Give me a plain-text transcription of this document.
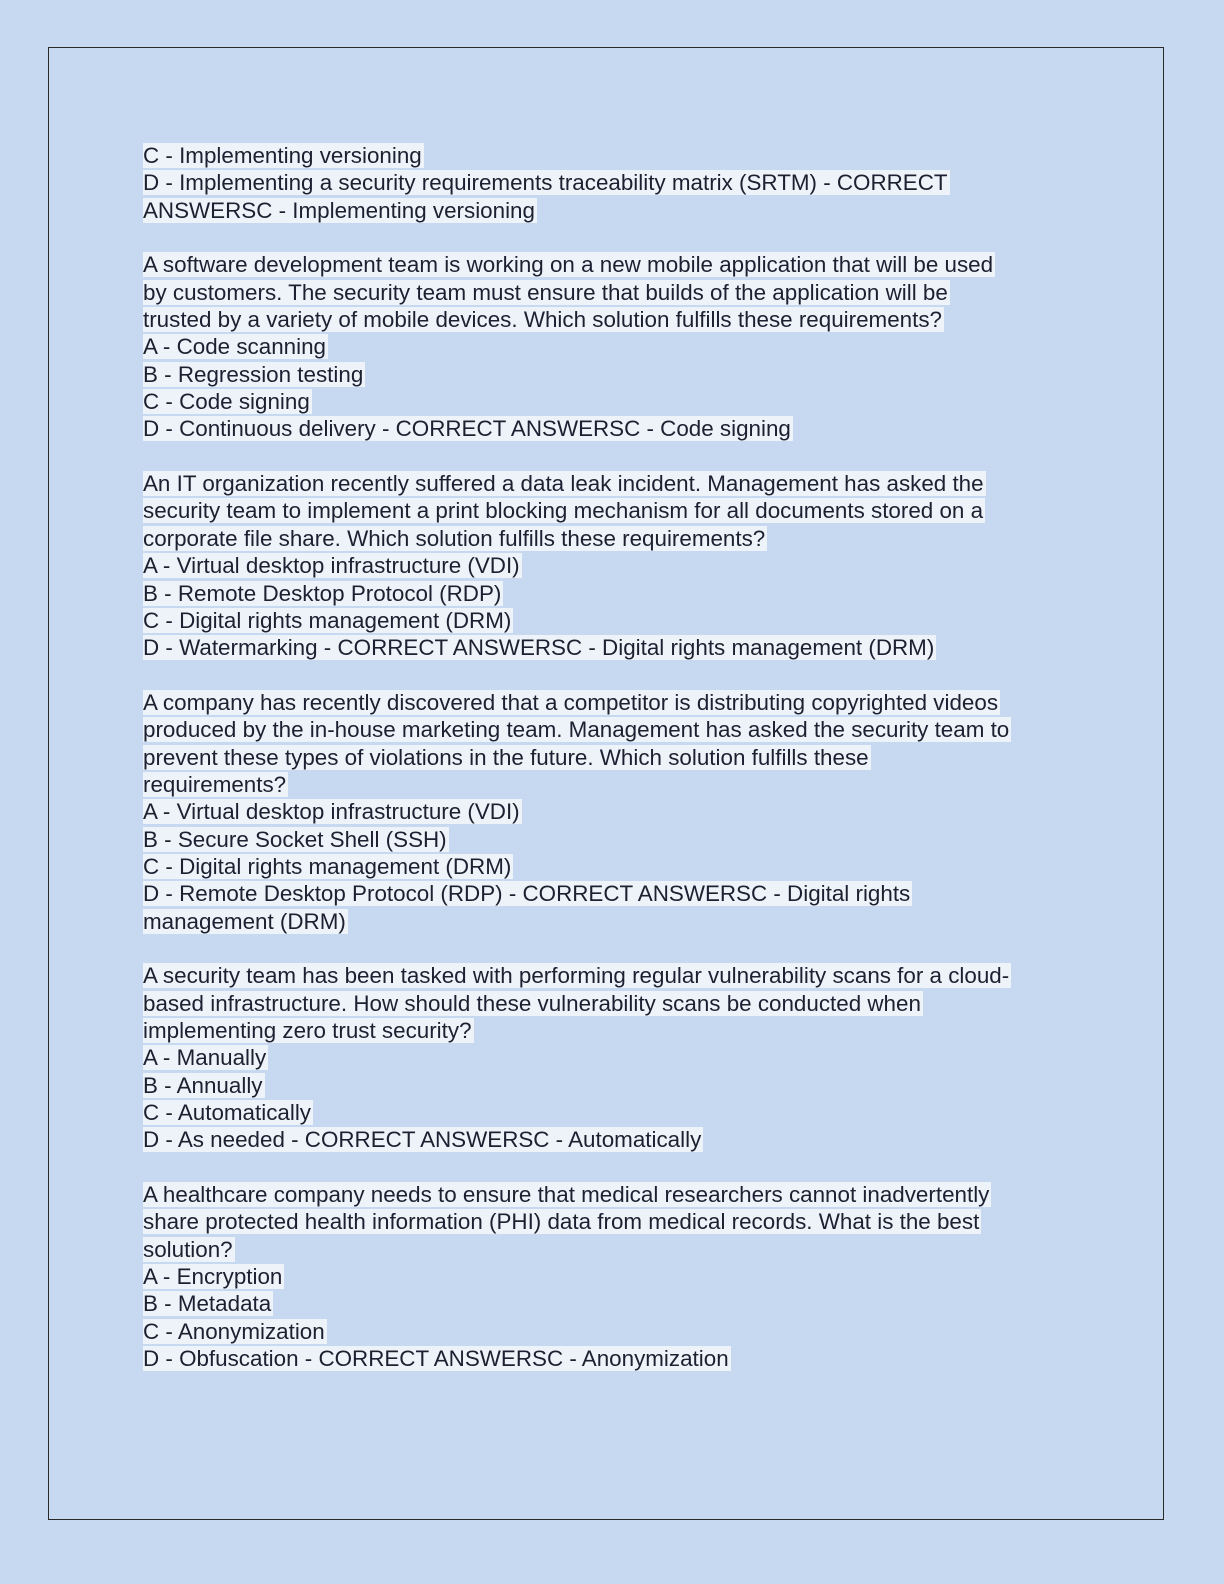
C - Implementing versioning
D - Implementing a security requirements traceability matrix (SRTM) - CORRECT
ANSWERSC - Implementing versioning
A software development team is working on a new mobile application that will be used
by customers. The security team must ensure that builds of the application will be
trusted by a variety of mobile devices. Which solution fulfills these requirements?
A - Code scanning
B - Regression testing
C - Code signing
D - Continuous delivery - CORRECT ANSWERSC - Code signing
An IT organization recently suffered a data leak incident. Management has asked the
security team to implement a print blocking mechanism for all documents stored on a
corporate file share. Which solution fulfills these requirements?
A - Virtual desktop infrastructure (VDI)
B - Remote Desktop Protocol (RDP)
C - Digital rights management (DRM)
D - Watermarking - CORRECT ANSWERSC - Digital rights management (DRM)
A company has recently discovered that a competitor is distributing copyrighted videos
produced by the in-house marketing team. Management has asked the security team to
prevent these types of violations in the future. Which solution fulfills these
requirements?
A - Virtual desktop infrastructure (VDI)
B - Secure Socket Shell (SSH)
C - Digital rights management (DRM)
D - Remote Desktop Protocol (RDP) - CORRECT ANSWERSC - Digital rights
management (DRM)
A security team has been tasked with performing regular vulnerability scans for a cloud-
based infrastructure. How should these vulnerability scans be conducted when
implementing zero trust security?
A - Manually
B - Annually
C - Automatically
D - As needed - CORRECT ANSWERSC - Automatically
A healthcare company needs to ensure that medical researchers cannot inadvertently
share protected health information (PHI) data from medical records. What is the best
solution?
A - Encryption
B - Metadata
C - Anonymization
D - Obfuscation - CORRECT ANSWERSC - Anonymization
